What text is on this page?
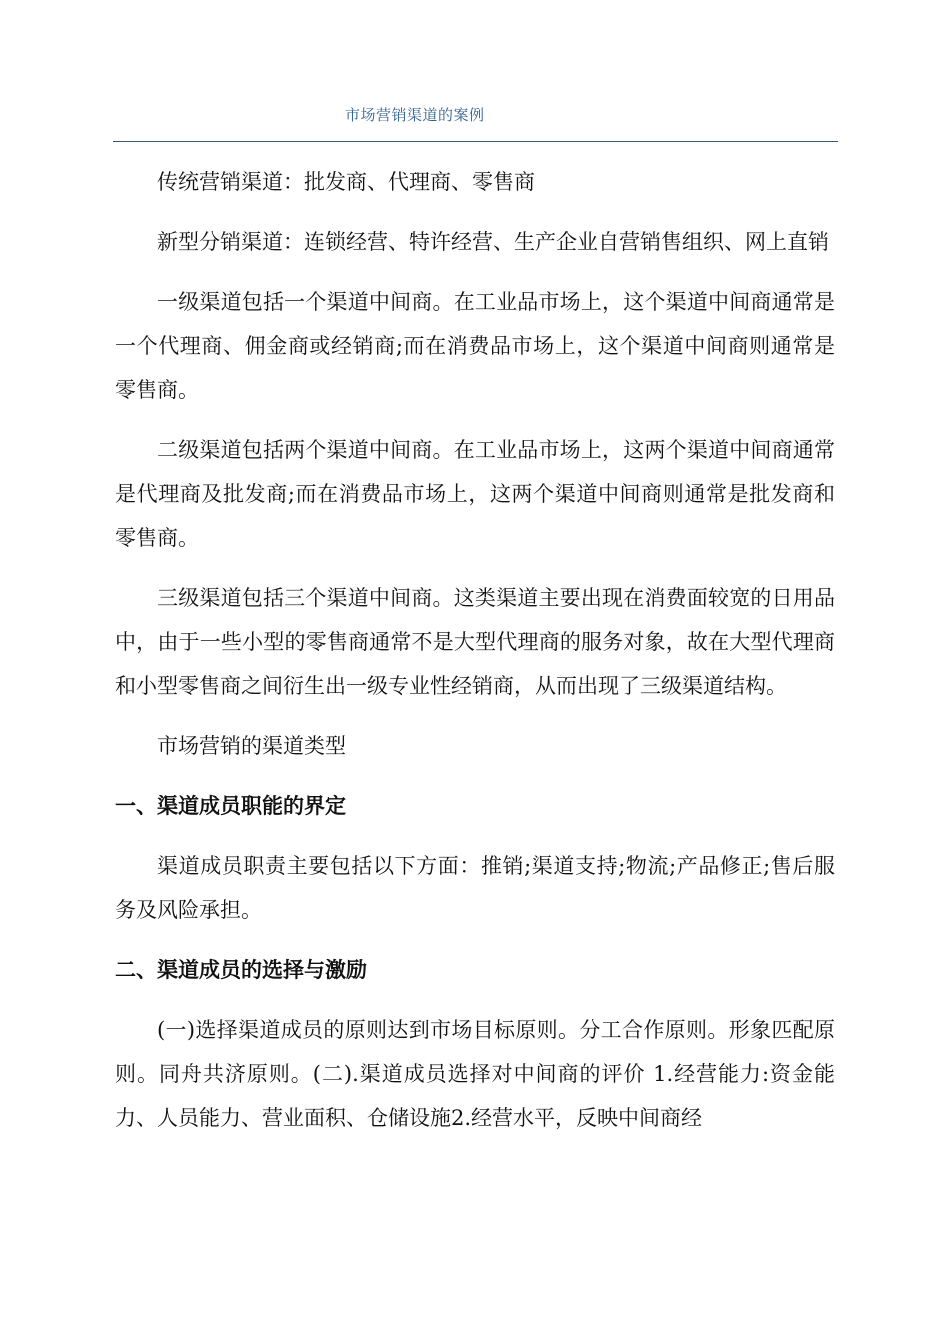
市场营销渠道的案例

传统营销渠道：批发商、代理商、零售商

新型分销渠道：连锁经营、特许经营、生产企业自营销售组织、网上直销

一级渠道包括一个渠道中间商。在工业品市场上，这个渠道中间商通常是一个代理商、佣金商或经销商;而在消费品市场上，这个渠道中间商则通常是零售商。

二级渠道包括两个渠道中间商。在工业品市场上，这两个渠道中间商通常是代理商及批发商;而在消费品市场上，这两个渠道中间商则通常是批发商和零售商。

三级渠道包括三个渠道中间商。这类渠道主要出现在消费面较宽的日用品中，由于一些小型的零售商通常不是大型代理商的服务对象，故在大型代理商和小型零售商之间衍生出一级专业性经销商，从而出现了三级渠道结构。

市场营销的渠道类型

一、渠道成员职能的界定

渠道成员职责主要包括以下方面：推销;渠道支持;物流;产品修正;售后服务及风险承担。

二、渠道成员的选择与激励

(一)选择渠道成员的原则达到市场目标原则。分工合作原则。形象匹配原则。同舟共济原则。(二).渠道成员选择对中间商的评价 1.经营能力:资金能力、人员能力、营业面积、仓储设施2.经营水平，反映中间商经
